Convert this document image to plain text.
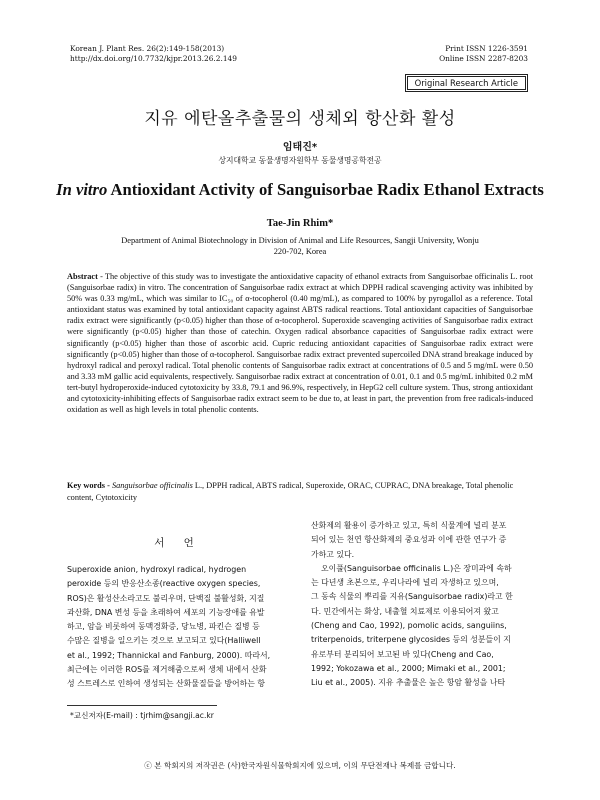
Korean J. Plant Res. 26(2):149-158(2013)
http://dx.doi.org/10.7732/kjpr.2013.26.2.149
Print ISSN 1226-3591
Online ISSN 2287-8203
Original Research Article
지유 에탄올추출물의 생체외 항산화 활성
임태진*
상지대학교 동물생명자원학부 동물생명공학전공
In vitro Antioxidant Activity of Sanguisorbae Radix Ethanol Extracts
Tae-Jin Rhim*
Department of Animal Biotechnology in Division of Animal and Life Resources, Sangji University, Wonju
220-702, Korea
Abstract - The objective of this study was to investigate the antioxidative capacity of ethanol extracts from Sanguisorbae officinalis L. root (Sanguisorbae radix) in vitro. The concentration of Sanguisorbae radix extract at which DPPH radical scavenging activity was inhibited by 50% was 0.33 mg/mL, which was similar to IC₅₀ of α-tocopherol (0.40 mg/mL), as compared to 100% by pyrogallol as a reference. Total antioxidant status was examined by total antioxidant capacity against ABTS radical reactions. Total antioxidant capacities of Sanguisorbae radix extract were significantly (p<0.05) higher than those of α-tocopherol. Superoxide scavenging activities of Sanguisorbae radix extract were significantly (p<0.05) higher than those of catechin. Oxygen radical absorbance capacities of Sanguisorbae radix extract were significantly (p<0.05) higher than those of ascorbic acid. Cupric reducing antioxidant capacities of Sanguisorbae radix extract were significantly (p<0.05) higher than those of α-tocopherol. Sanguisorbae radix extract prevented supercoiled DNA strand breakage induced by hydroxyl radical and peroxyl radical. Total phenolic contents of Sanguisorbae radix extract at concentrations of 0.5 and 5 mg/mL were 0.50 and 3.33 mM gallic acid equivalents, respectively. Sanguisorbae radix extract at concentration of 0.01, 0.1 and 0.5 mg/mL inhibited 0.2 mM tert-butyl hydroperoxide-induced cytotoxicity by 33.8, 79.1 and 96.9%, respectively, in HepG2 cell culture system. Thus, strong antioxidant and cytotoxicity-inhibiting effects of Sanguisorbae radix extract seem to be due to, at least in part, the prevention from free radicals-induced oxidation as well as high levels in total phenolic contents.
Key words - Sanguisorbae officinalis L., DPPH radical, ABTS radical, Superoxide, ORAC, CUPRAC, DNA breakage, Total phenolic content, Cytotoxicity
서 언
Superoxide anion, hydroxyl radical, hydrogen
peroxide 등의 반응산소종(reactive oxygen species,
ROS)은 활성산소라고도 불리우며, 단백질 불활성화, 지질
과산화, DNA 변성 등을 초래하여 세포의 기능장애를 유발
하고, 암을 비롯하여 동맥경화증, 당뇨병, 파킨슨 질병 등
수많은 질병을 일으키는 것으로 보고되고 있다(Halliwell
et al., 1992; Thannickal and Fanburg, 2000). 따라서,
최근에는 이러한 ROS를 제거해줌으로써 생체 내에서 산화
성 스트레스로 인하여 생성되는 산화물질들을 방어하는 항
산화제의 활용이 증가하고 있고, 특히 식물계에 널리 분포
되어 있는 천연 항산화제의 중요성과 이에 관한 연구가 증
가하고 있다.
오이풀(Sanguisorbae officinalis L.)은 장미과에 속하
는 다년생 초본으로, 우리나라에 널리 자생하고 있으며,
그 동속 식물의 뿌리를 지유(Sanguisorbae radix)라고 한
다. 민간에서는 화상, 내출혈 치료제로 이용되어져 왔고
(Cheng and Cao, 1992), pomolic acids, sanguiins,
triterpenoids, triterpene glycosides 등의 성분들이 지
유로부터 분리되어 보고된 바 있다(Cheng and Cao,
1992; Yokozawa et al., 2000; Mimaki et al., 2001;
Liu et al., 2005). 지유 추출물은 높은 항암 활성을 나타
*교신저자(E-mail) : tjrhim@sangji.ac.kr
ⓒ 본 학회지의 저작권은 (사)한국자원식물학회지에 있으며, 이의 무단전재나 복제를 금합니다.
